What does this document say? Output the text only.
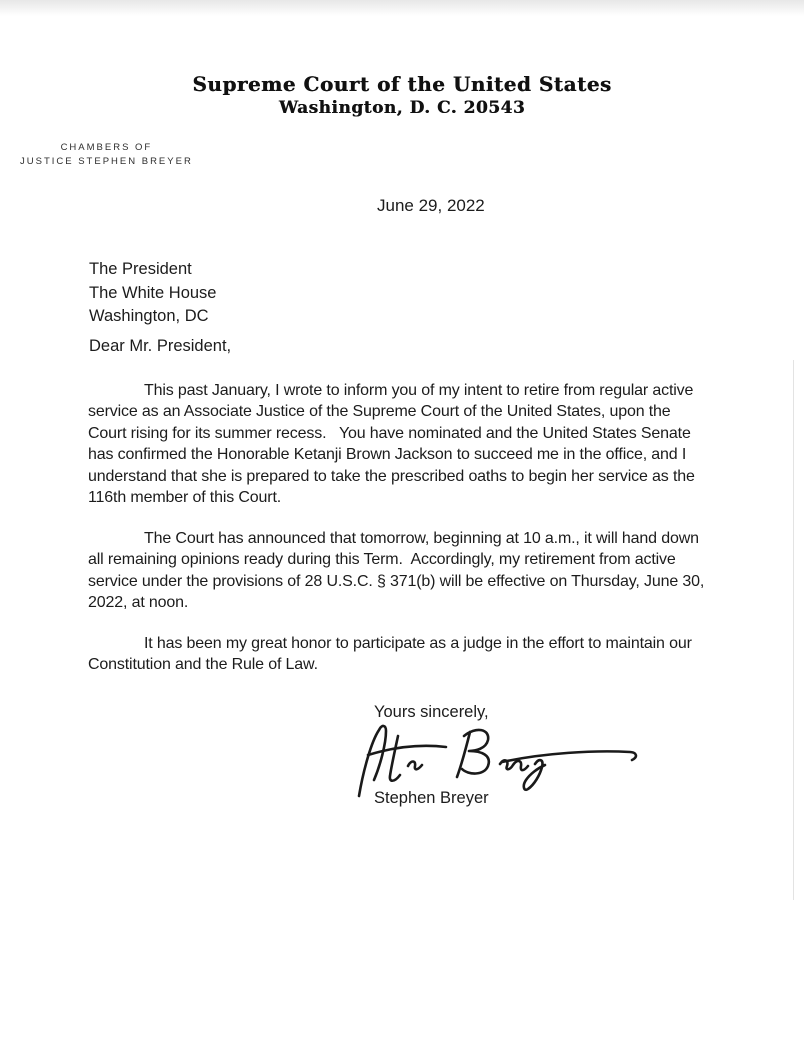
Supreme Court of the United States
Washington, D. C. 20543
CHAMBERS OF
JUSTICE STEPHEN BREYER
June 29, 2022
The President
The White House
Washington, DC
Dear Mr. President,
This past January, I wrote to inform you of my intent to retire from regular active service as an Associate Justice of the Supreme Court of the United States, upon the Court rising for its summer recess.   You have nominated and the United States Senate has confirmed the Honorable Ketanji Brown Jackson to succeed me in the office, and I understand that she is prepared to take the prescribed oaths to begin her service as the 116th member of this Court.
The Court has announced that tomorrow, beginning at 10 a.m., it will hand down all remaining opinions ready during this Term.  Accordingly, my retirement from active service under the provisions of 28 U.S.C. § 371(b) will be effective on Thursday, June 30, 2022, at noon.
It has been my great honor to participate as a judge in the effort to maintain our Constitution and the Rule of Law.
Yours sincerely,
Stephen Breyer
